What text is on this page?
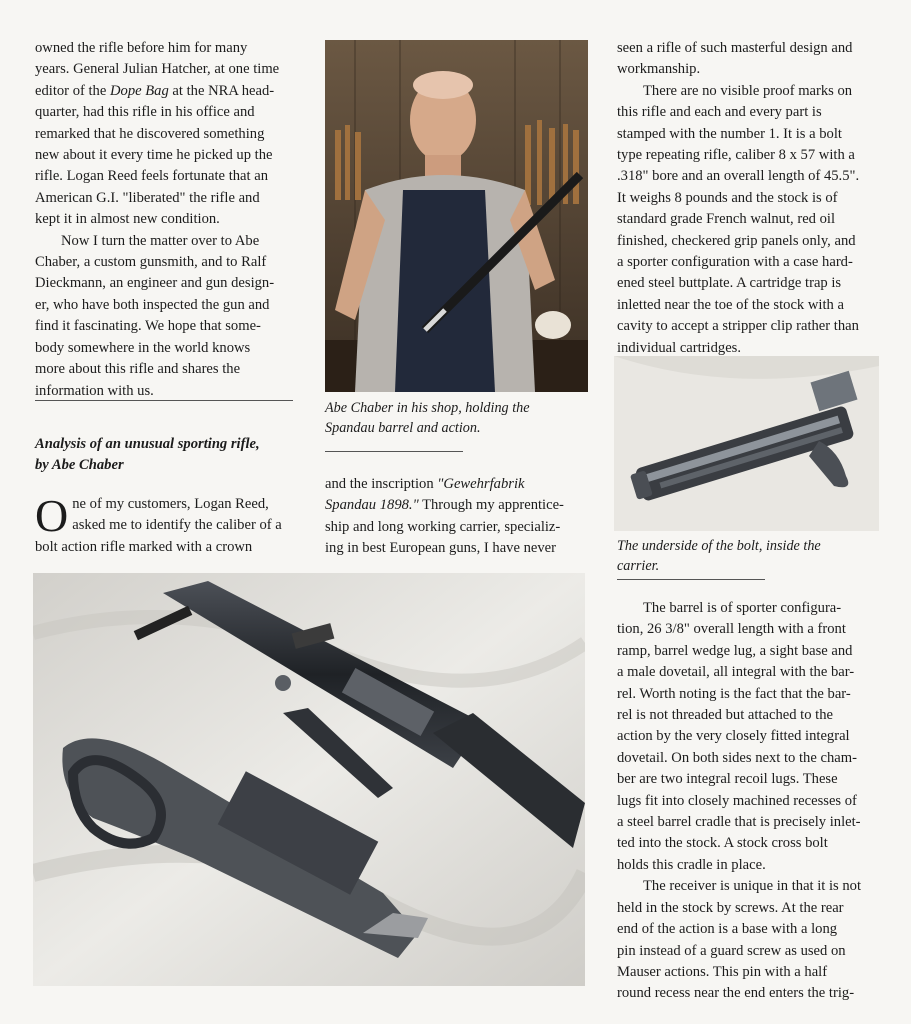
owned the rifle before him for many
years. General Julian Hatcher, at one time
editor of the Dope Bag at the NRA head-
quarter, had this rifle in his office and
remarked that he discovered something
new about it every time he picked up the
rifle. Logan Reed feels fortunate that an
American G.I. "liberated" the rifle and
kept it in almost new condition.

Now I turn the matter over to Abe
Chaber, a custom gunsmith, and to Ralf
Dieckmann, an engineer and gun design-
er, who have both inspected the gun and
find it fascinating. We hope that some-
body somewhere in the world knows
more about this rifle and shares the
information with us.

Analysis of an unusual sporting rifle,
by Abe Chaber
O ne of my customers, Logan Reed,
asked me to identify the caliber of a
bolt action rifle marked with a crown
Abe Chaber in his shop, holding the
Spandau barrel and action.
and the inscription "Gewehrfabrik
Spandau 1898." Through my apprentice-
ship and long working carrier, specializ-
ing in best European guns, I have never

seen a rifle of such masterful design and
workmanship.

There are no visible proof marks on
this rifle and each and every part is
stamped with the number 1. It is a bolt
type repeating rifle, caliber 8 x 57 with a
.318" bore and an overall length of 45.5".
It weighs 8 pounds and the stock is of
standard grade French walnut, red oil
finished, checkered grip panels only, and
a sporter configuration with a case hard-
ened steel buttplate. A cartridge trap is
inletted near the toe of the stock with a
cavity to accept a stripper clip rather than
individual cartridges.

The underside of the bolt, inside the
carrier.

The barrel is of sporter configura-
tion, 26 3/8" overall length with a front
ramp, barrel wedge lug, a sight base and
a male dovetail, all integral with the bar-
rel. Worth noting is the fact that the bar-
rel is not threaded but attached to the
action by the very closely fitted integral
dovetail. On both sides next to the cham-
ber are two integral recoil lugs. These
lugs fit into closely machined recesses of
a steel barrel cradle that is precisely inlet-
ted into the stock. A stock cross bolt
holds this cradle in place.

The receiver is unique in that it is not
held in the stock by screws. At the rear
end of the action is a base with a long
pin instead of a guard screw as used on
Mauser actions. This pin with a half
round recess near the end enters the trig-
